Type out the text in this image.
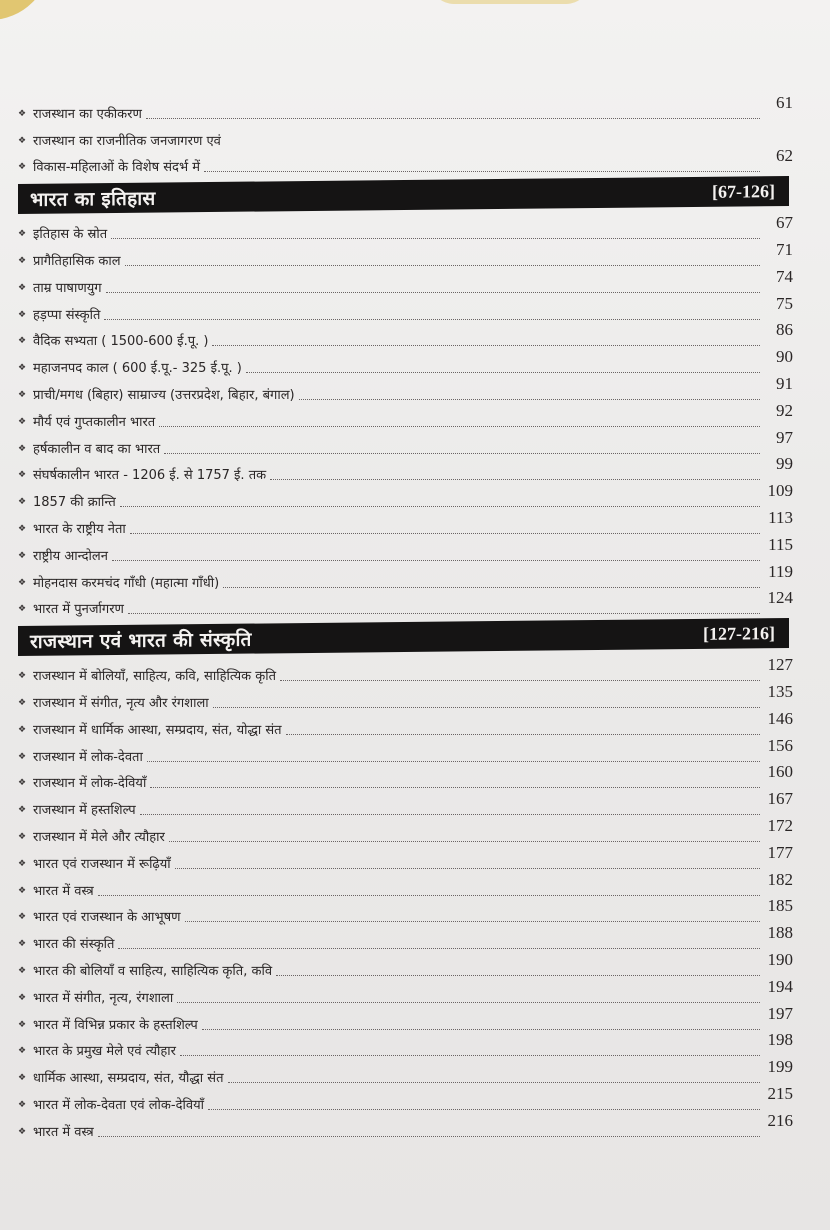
❖ राजस्थान का एकीकरण
61
❖ राजस्थान का राजनीतिक जनजागरण एवं
❖ विकास-महिलाओं के विशेष संदर्भ में
62
भारत का इतिहास	[67-126]
❖ इतिहास के स्रोत
67
❖ प्रागैतिहासिक काल
71
❖ ताम्र पाषाणयुग
74
❖ हड़प्पा संस्कृति
75
❖ वैदिक सभ्यता ( 1500-600 ई.पू. )
86
❖ महाजनपद काल ( 600 ई.पू.- 325 ई.पू. )
90
❖ प्राची/मगध (बिहार) साम्राज्य (उत्तरप्रदेश, बिहार, बंगाल)
91
❖ मौर्य एवं गुप्तकालीन भारत
92
❖ हर्षकालीन व बाद का भारत
97
❖ संघर्षकालीन भारत - 1206 ई. से 1757 ई. तक
99
❖ 1857 की क्रान्ति
109
❖ भारत के राष्ट्रीय नेता
113
❖ राष्ट्रीय आन्दोलन
115
❖ मोहनदास करमचंद गाँधी (महात्मा गाँधी)
119
❖ भारत में पुनर्जागरण
124
राजस्थान एवं भारत की संस्कृति	[127-216]
❖ राजस्थान में बोलियाँ, साहित्य, कवि, साहित्यिक कृति
127
❖ राजस्थान में संगीत, नृत्य और रंगशाला
135
❖ राजस्थान में धार्मिक आस्था, सम्प्रदाय, संत, योद्धा संत
146
❖ राजस्थान में लोक-देवता
156
❖ राजस्थान में लोक-देवियाँ
160
❖ राजस्थान में हस्तशिल्प
167
❖ राजस्थान में मेले और त्यौहार
172
❖ भारत एवं राजस्थान में रूढ़ियाँ
177
❖ भारत में वस्त्र
182
❖ भारत एवं राजस्थान के आभूषण
185
❖ भारत की संस्कृति
188
❖ भारत की बोलियाँ व साहित्य, साहित्यिक कृति, कवि
190
❖ भारत में संगीत, नृत्य, रंगशाला
194
❖ भारत में विभिन्न प्रकार के हस्तशिल्प
197
❖ भारत के प्रमुख मेले एवं त्यौहार
198
❖ धार्मिक आस्था, सम्प्रदाय, संत, यौद्धा संत
199
❖ भारत में लोक-देवता एवं लोक-देवियाँ
215
❖ भारत में वस्त्र
216
